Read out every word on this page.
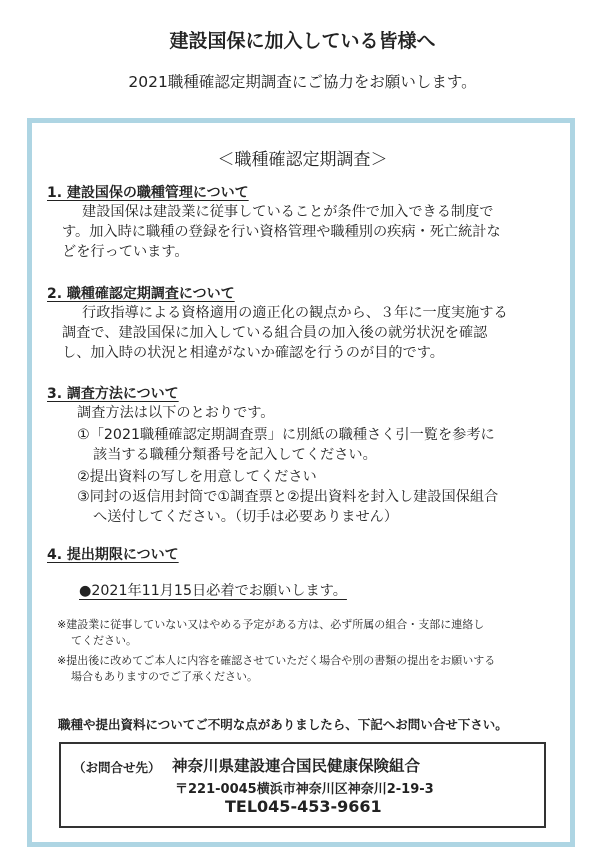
建設国保に加入している皆様へ
2021職種確認定期調査にご協力をお願いします。
＜職種確認定期調査＞
1. 建設国保の職種管理について
建設国保は建設業に従事していることが条件で加入できる制度で
す。加入時に職種の登録を行い資格管理や職種別の疾病・死亡統計な
どを行っています。
2. 職種確認定期調査について
行政指導による資格適用の適正化の観点から、３年に一度実施する
調査で、建設国保に加入している組合員の加入後の就労状況を確認
し、加入時の状況と相違がないか確認を行うのが目的です。
3. 調査方法について
調査方法は以下のとおりです。
①「2021職種確認定期調査票」に別紙の職種さく引一覧を参考に
該当する職種分類番号を記入してください。
②提出資料の写しを用意してください
③同封の返信用封筒で①調査票と②提出資料を封入し建設国保組合
へ送付してください。（切手は必要ありません）
4. 提出期限について
●2021年11月15日必着でお願いします。
※建設業に従事していない又はやめる予定がある方は、必ず所属の組合・支部に連絡し
てください。
※提出後に改めてご本人に内容を確認させていただく場合や別の書類の提出をお願いする
場合もありますのでご了承ください。
職種や提出資料についてご不明な点がありましたら、下記へお問い合せ下さい。
（お問合せ先） 神奈川県建設連合国民健康保険組合
〒221-0045横浜市神奈川区神奈川2-19-3
TEL045-453-9661
